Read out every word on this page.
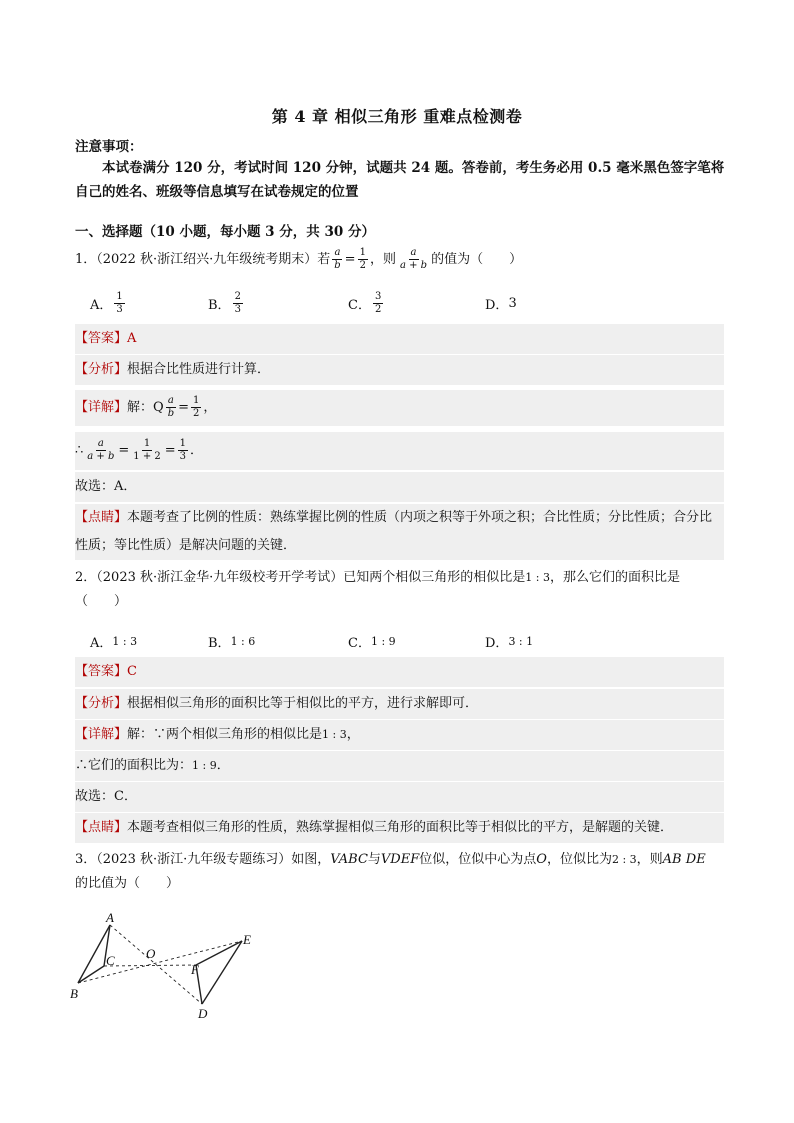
第 4 章 相似三角形 重难点检测卷
注意事项：
本试卷满分 120 分，考试时间 120 分钟，试题共 24 题。答卷前，考生务必用 0.5 毫米黑色签字笔将自己的姓名、班级等信息填写在试卷规定的位置
一、选择题（10 小题，每小题 3 分，共 30 分）
1．（2022 秋·浙江绍兴·九年级统考期末）若 $\frac{a}{b} = \frac{1}{2}$ ，则 $\frac{a}{a + b}$ 的值为（　　）
A． $\frac{1}{3}$	B． $\frac{2}{3}$	C． $\frac{3}{2}$	D． 3
【答案】A
【分析】根据合比性质进行计算．
【详解】解：Q $\frac{a}{b} = \frac{1}{2}$ ，
∴ $\frac{a}{a + b} = \frac{1}{1 + 2} = \frac{1}{3}$ ．
故选：A．
【点睛】本题考查了比例的性质：熟练掌握比例的性质（内项之积等于外项之积；合比性质；分比性质；合分比性质；等比性质）是解决问题的关键．
2．（2023 秋·浙江金华·九年级校考开学考试）已知两个相似三角形的相似比是1 : 3，那么它们的面积比是
（　　）
A． 1 : 3	B． 1 : 6	C． 1 : 9	D． 3 : 1
【答案】C
【分析】根据相似三角形的面积比等于相似比的平方，进行求解即可．
【详解】解：∵两个相似三角形的相似比是1 : 3，
∴它们的面积比为：1 : 9．
故选：C．
【点睛】本题考查相似三角形的性质，熟练掌握相似三角形的面积比等于相似比的平方，是解题的关键．
3．（2023 秋·浙江·九年级专题练习）如图，VABC与VDEF位似，位似中心为点O，位似比为2 : 3，则AB DE
的比值为（　　）
A
B
C O
E
F
D
